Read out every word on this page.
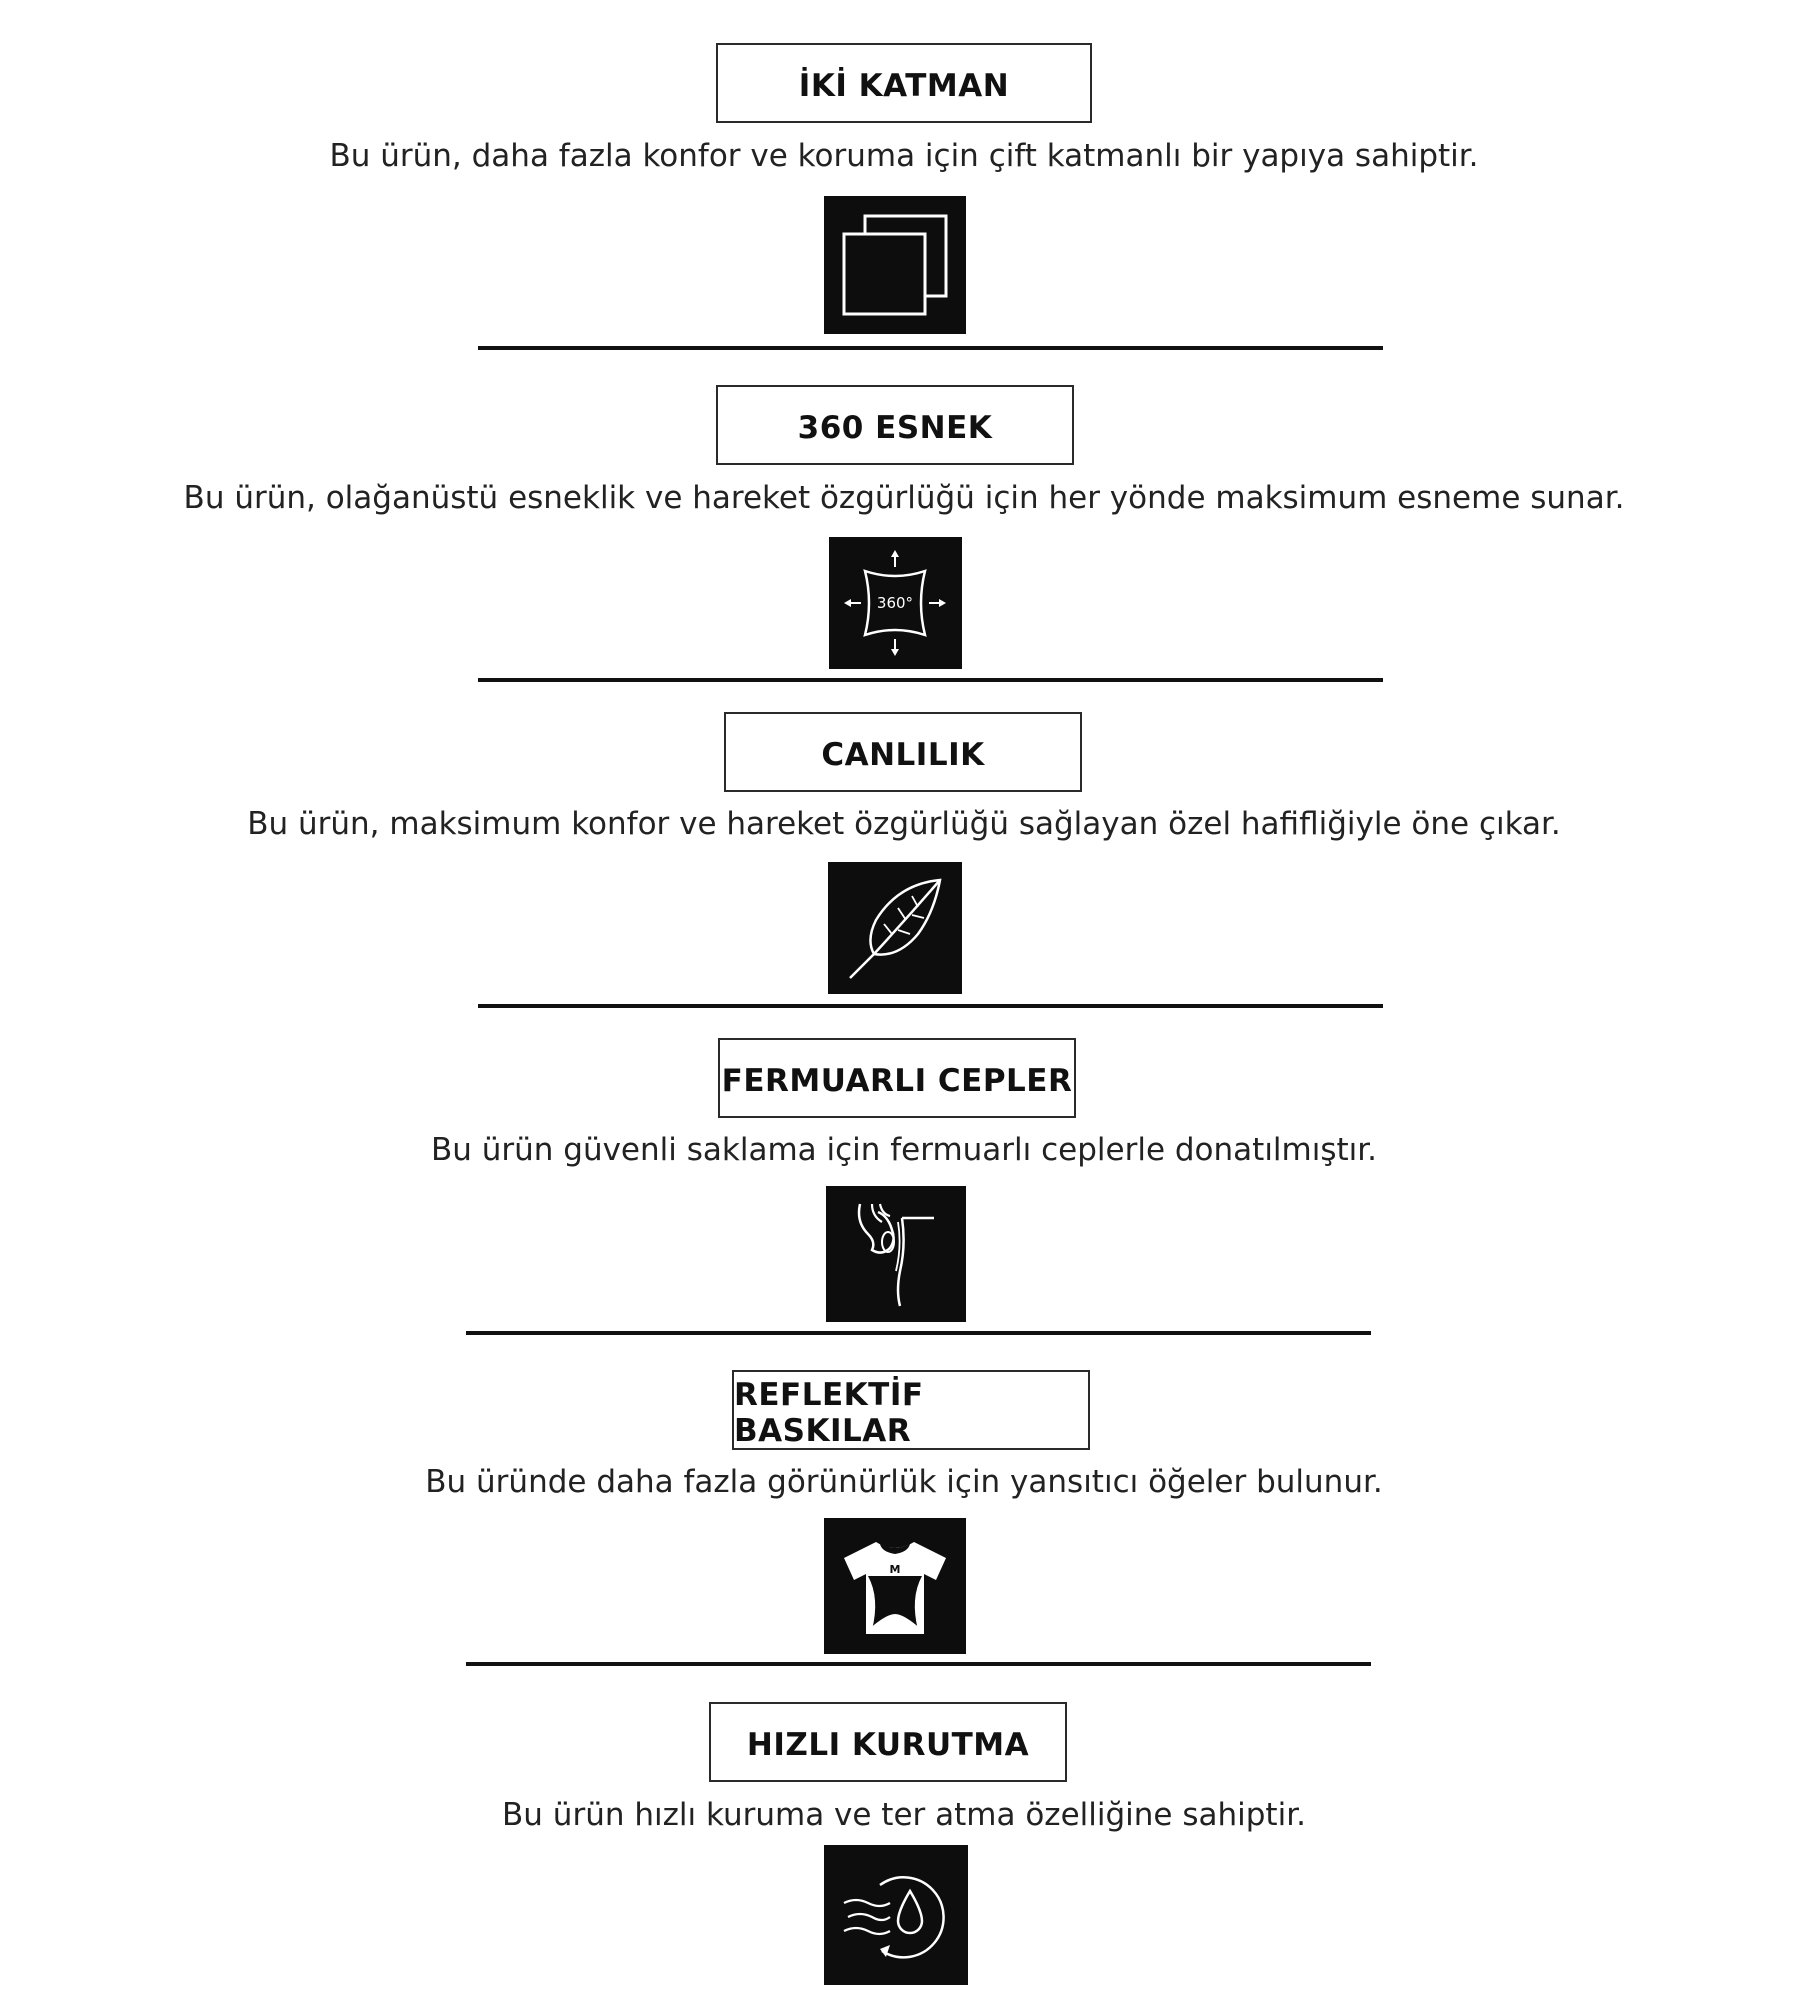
İKİ KATMAN
Bu ürün, daha fazla konfor ve koruma için çift katmanlı bir yapıya sahiptir.
360 ESNEK
Bu ürün, olağanüstü esneklik ve hareket özgürlüğü için her yönde maksimum esneme sunar.
360°
CANLILIK
Bu ürün, maksimum konfor ve hareket özgürlüğü sağlayan özel hafifliğiyle öne çıkar.
FERMUARLI CEPLER
Bu ürün güvenli saklama için fermuarlı ceplerle donatılmıştır.
REFLEKTİF BASKILAR
Bu üründe daha fazla görünürlük için yansıtıcı öğeler bulunur.
M
HIZLI KURUTMA
Bu ürün hızlı kuruma ve ter atma özelliğine sahiptir.
